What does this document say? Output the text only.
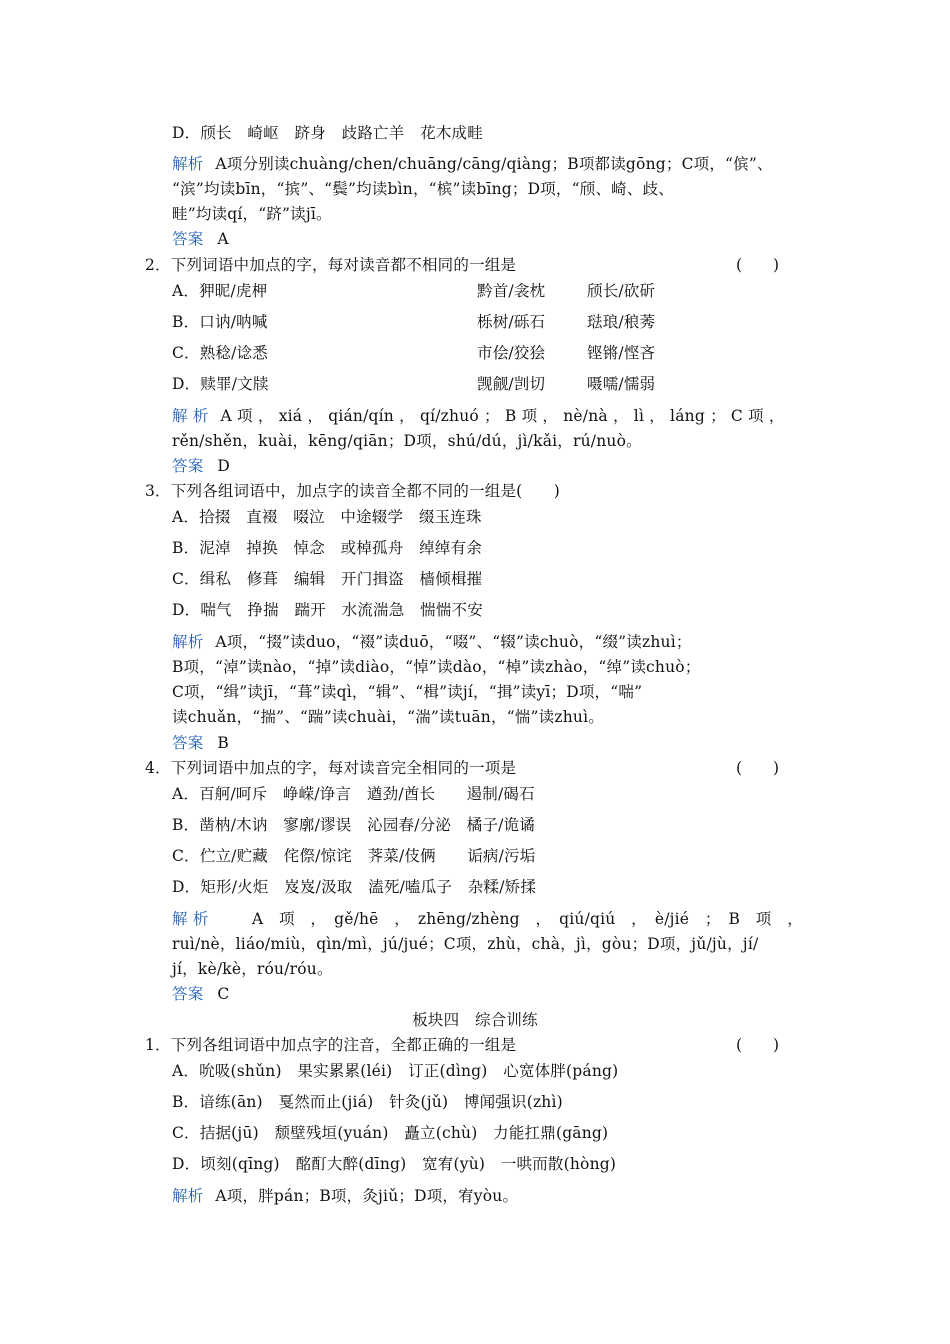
D．颀长　崎岖　跻身　歧路亡羊　花木成畦

解析 A项分别读chuàng/chen/chuāng/cāng/qiàng；B项都读gōng；C项，“傧”、

“滨”均读bīn，“摈”、“鬓”均读bìn，“槟”读bīng；D项，“颀、崎、歧、

畦”均读qí，“跻”读jī。

答案 A

2．下列词语中加点的字，每对读音都不相同的一组是	(　　)

A．狎昵/虎柙	黔首/衾枕	颀长/砍斫

B．口讷/呐喊	栎树/砾石	琺琅/稂莠

C．熟稔/谂悉	市侩/狡狯	铿锵/悭吝

D．赎罪/文牍	觊觎/剀切	嗫嚅/懦弱

解 析 A 项 ， xiá ， qián/qín ， qí/zhuó ； B 项 ， nè/nà ， lì ， láng ； C 项 ，

rěn/shěn，kuài，kēng/qiān；D项，shú/dú，jì/kǎi，rú/nuò。

答案 D

3．下列各组词语中，加点字的读音全都不同的一组是(　　)

A．拾掇　直裰　啜泣　中途辍学　缀玉连珠

B．泥淖　掉换　悼念　或棹孤舟　绰绰有余

C．缉私　修葺　编辑　开门揖盗　樯倾楫摧

D．喘气　挣揣　踹开　水流湍急　惴惴不安

解析 A项，“掇”读duo，“裰”读duō，“啜”、“辍”读chuò，“缀”读zhuì；

B项，“淖”读nào，“掉”读diào，“悼”读dào，“棹”读zhào，“绰”读chuò；

C项，“缉”读jī，“葺”读qì，“辑”、“楫”读jí，“揖”读yī；D项，“喘”

读chuǎn，“揣”、“踹”读chuài，“湍”读tuān，“惴”读zhuì。

答案 B

4．下列词语中加点的字，每对读音完全相同的一项是	(　　)

A．百舸/呵斥　峥嵘/诤言　遒劲/酋长　　遏制/碣石

B．凿枘/木讷　寥廓/谬误　沁园春/分泌　橘子/诡谲

C．伫立/贮藏　侘傺/惊诧　荠菜/伎俩　　诟病/污垢

D．矩形/火炬　岌岌/汲取　溘死/嗑瓜子　杂糅/矫揉

解 析　　A　项　，　gě/hē　，　zhēng/zhèng　，　qiú/qiú　，　è/jié　；　B　项　，

ruì/nè，liáo/miù，qìn/mì，jú/jué；C项，zhù，chà，jì，gòu；D项，jǔ/jù，jí/

jí，kè/kè，róu/róu。

答案 C

板块四　综合训练

1．下列各组词语中加点字的注音，全都正确的一组是	(　　)

A．吮吸(shǔn)　果实累累(léi)　订正(dìng)　心宽体胖(páng)

B．谙练(ān)　戛然而止(jiá)　针灸(jǔ)　博闻强识(zhì)

C．拮据(jū)　颓壁残垣(yuán)　矗立(chù)　力能扛鼎(gāng)

D．顷刻(qīng)　酩酊大醉(dīng)　宽宥(yù)　一哄而散(hòng)

解析 A项，胖pán；B项，灸jiǔ；D项，宥yòu。
